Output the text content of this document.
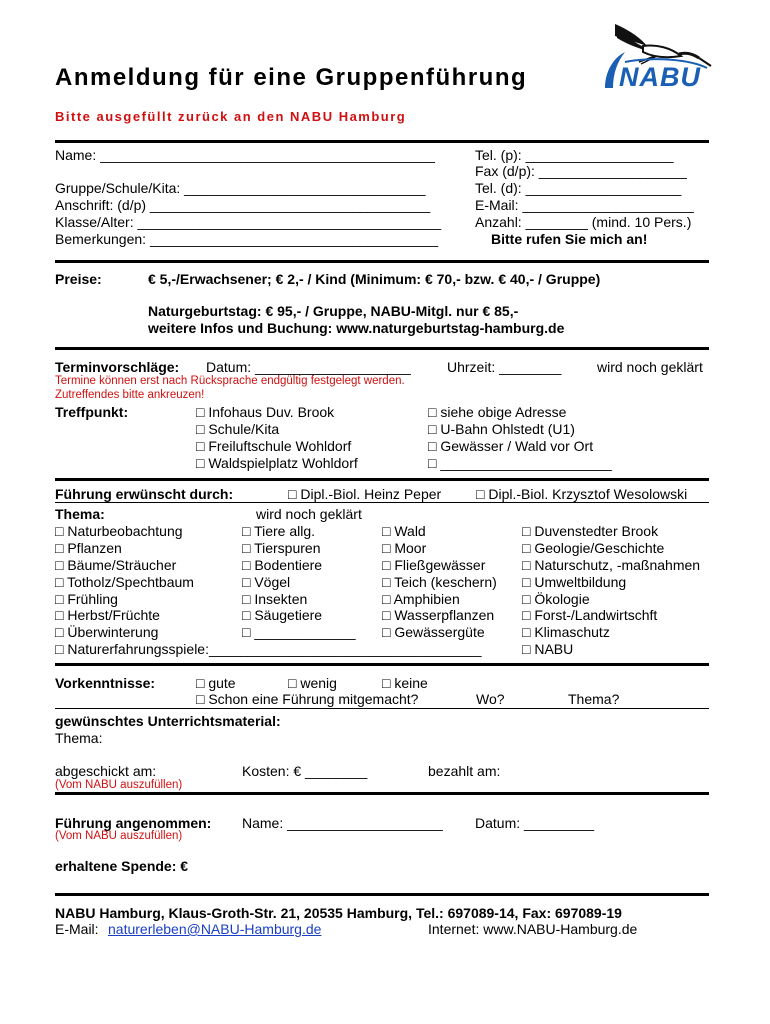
Anmeldung für eine Gruppenführung
Bitte ausgefüllt zurück an den NABU Hamburg
NABU
Name: ___________________________________________
Gruppe/Schule/Kita: _______________________________
Anschrift: (d/p) ____________________________________
Klasse/Alter: _______________________________________
Bemerkungen: _____________________________________
Tel. (p): ___________________
Fax (d/p): ___________________
Tel. (d): ____________________
E-Mail: ______________________
Anzahl: ________ (mind. 10 Pers.)
Bitte rufen Sie mich an!
Preise:	€ 5,-/Erwachsener; € 2,- / Kind (Minimum: € 70,- bzw. € 40,- / Gruppe)
Naturgeburtstag: € 95,- / Gruppe, NABU-Mitgl. nur € 85,-
weitere Infos und Buchung: www.naturgeburtstag-hamburg.de
Terminvorschläge: Datum: ____________________	Uhrzeit: ________	wird noch geklärt
Termine können erst nach Rücksprache endgültig festgelegt werden.
Zutreffendes bitte ankreuzen!
Treffpunkt:	□ Infohaus Duv. Brook
□ Schule/Kita
□ Freiluftschule Wohldorf
□ Waldspielplatz Wohldorf
□ siehe obige Adresse
□ U-Bahn Ohlstedt (U1)
□ Gewässer / Wald vor Ort
□ ______________________
Führung erwünscht durch:	□ Dipl.-Biol. Heinz Peper □ Dipl.-Biol. Krzysztof Wesolowski
Thema:	wird noch geklärt
□ Naturbeobachtung
□ Pflanzen
□ Bäume/Sträucher
□ Totholz/Spechtbaum
□ Frühling
□ Herbst/Früchte
□ Überwinterung
□ Naturerfahrungsspiele:___________________________________
□ Tiere allg.
□ Tierspuren
□ Bodentiere
□ Vögel
□ Insekten
□ Säugetiere
□ _____________
□ Wald
□ Moor
□ Fließgewässer
□ Teich (keschern)
□ Amphibien
□ Wasserpflanzen
□ Gewässergüte
□ Duvenstedter Brook
□ Geologie/Geschichte
□ Naturschutz, -maßnahmen
□ Umweltbildung
□ Ökologie
□ Forst-/Landwirtschft
□ Klimaschutz
□ NABU
Vorkenntnisse:	□ gute	□ wenig	□ keine
□ Schon eine Führung mitgemacht?	Wo?	Thema?
gewünschtes Unterrichtsmaterial:
Thema:
abgeschickt am:	Kosten: € ________	bezahlt am:
(Vom NABU auszufüllen)
Führung angenommen: Name: ____________________ Datum: _________
(Vom NABU auszufüllen)
erhaltene Spende: €
NABU Hamburg, Klaus-Groth-Str. 21, 20535 Hamburg, Tel.: 697089-14, Fax: 697089-19
E-Mail: naturerleben@NABU-Hamburg.de	Internet: www.NABU-Hamburg.de
